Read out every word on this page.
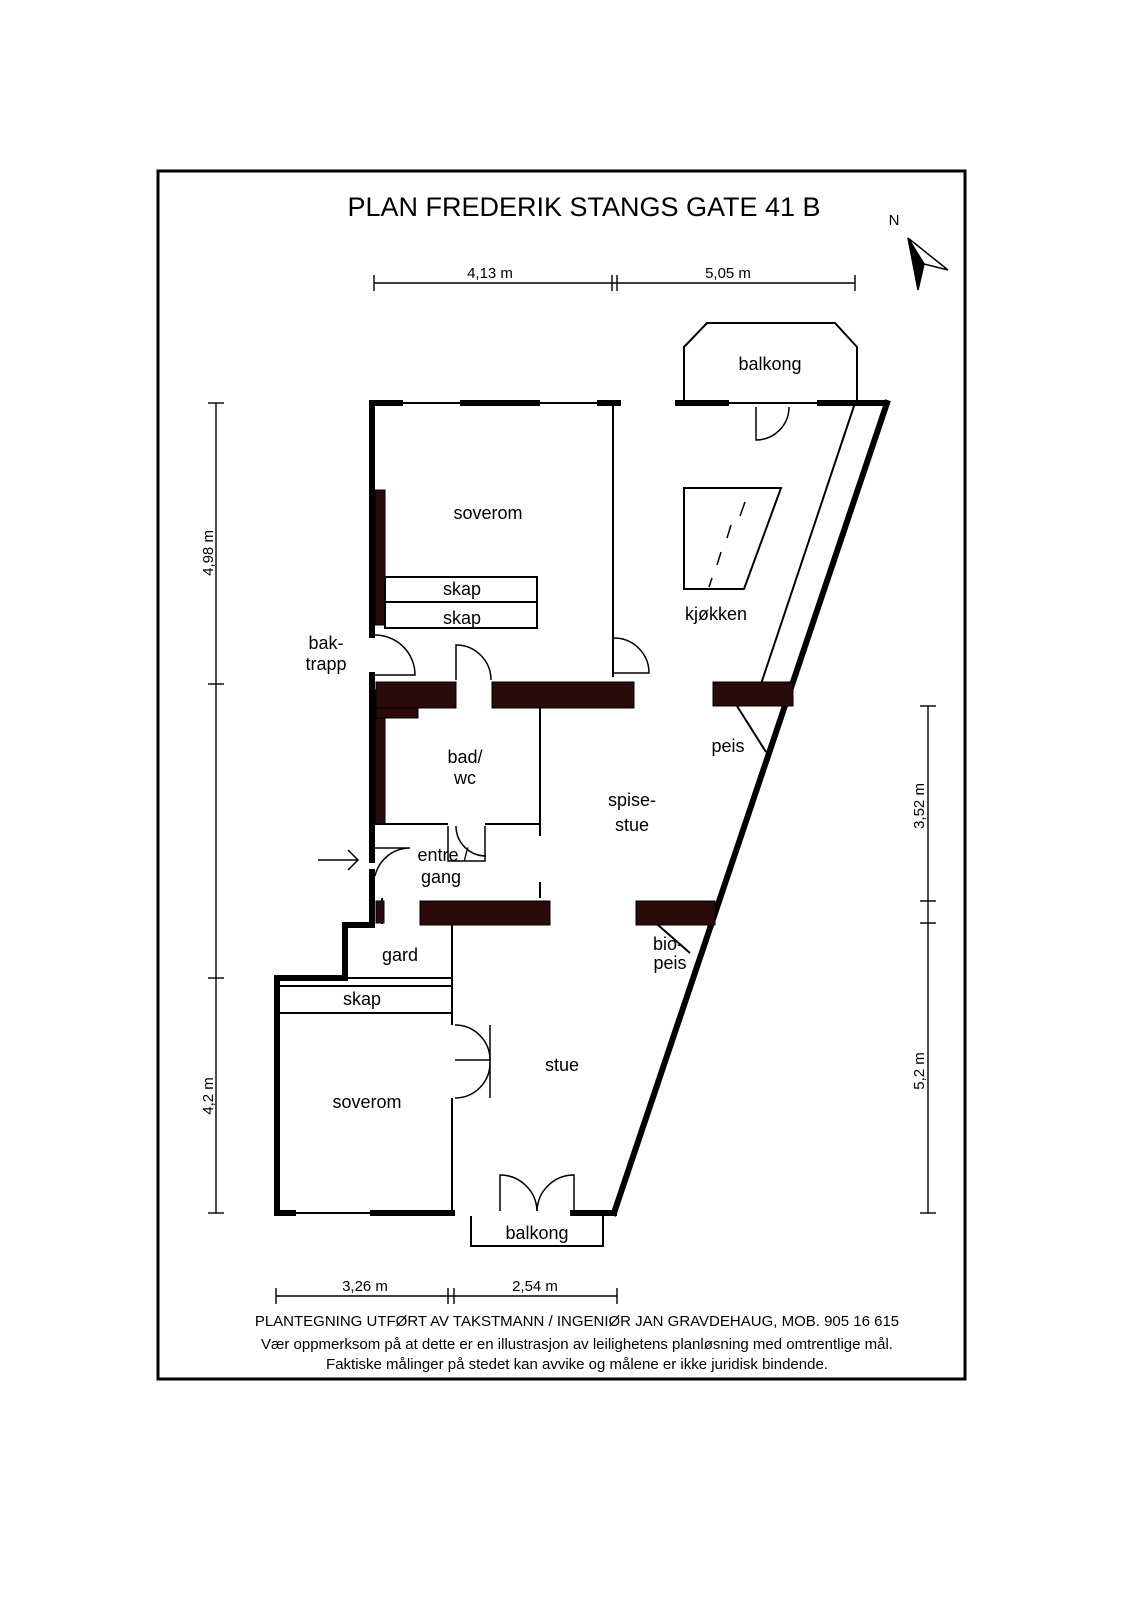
PLAN FREDERIK STANGS GATE 41 B	N
4,13 m	5,05 m
4,98 m
4,2 m
3,52 m
5,2 m
3,26 m	2,54 m
soverom
skap
skap	kjøkken
balkong
bak-
trapp
bad/
wc
spise-
stue
peis
entre /
gang
gard
bio-
peis
skap
soverom
stue
balkong
PLANTEGNING UTFØRT AV TAKSTMANN / INGENIØR JAN GRAVDEHAUG, MOB. 905 16 615
Vær oppmerksom på at dette er en illustrasjon av leilighetens planløsning med omtrentlige mål.
Faktiske målinger på stedet kan avvike og målene er ikke juridisk bindende.
